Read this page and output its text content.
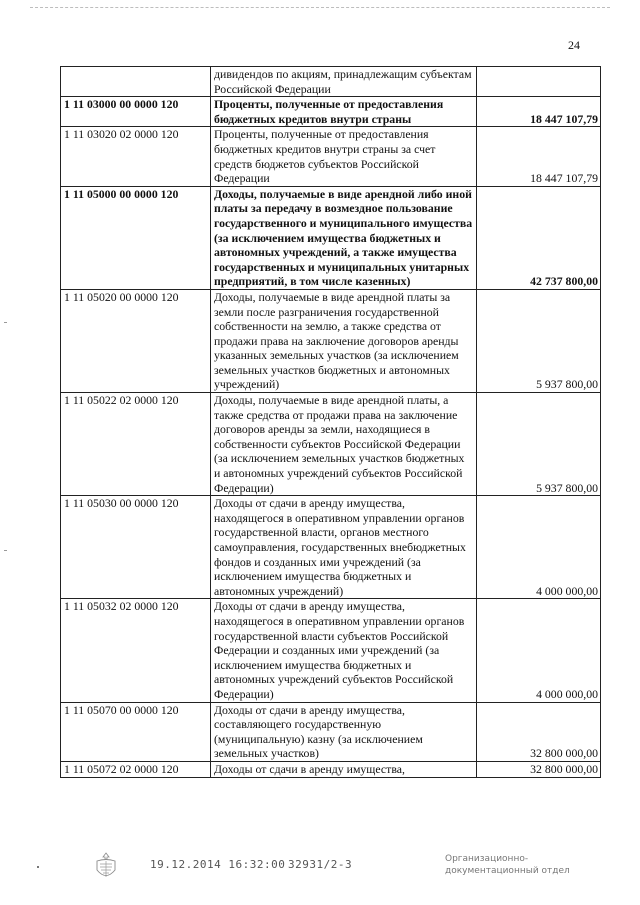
24
	дивидендов по акциям, принадлежащим субъектам Российской Федерации	
1 11 03000 00 0000 120	Проценты, полученные от предоставления бюджетных кредитов внутри страны	18 447 107,79
1 11 03020 02 0000 120	Проценты, полученные от предоставления бюджетных кредитов внутри страны за счет средств бюджетов субъектов Российской Федерации	18 447 107,79
1 11 05000 00 0000 120	Доходы, получаемые в виде арендной либо иной платы за передачу в возмездное пользование государственного и муниципального имущества (за исключением имущества бюджетных и автономных учреждений, а также имущества государственных и муниципальных унитарных предприятий, в том числе казенных)	42 737 800,00
1 11 05020 00 0000 120	Доходы, получаемые в виде арендной платы за земли после разграничения государственной собственности на землю, а также средства от продажи права на заключение договоров аренды указанных земельных участков (за исключением земельных участков бюджетных и автономных учреждений)	5 937 800,00
1 11 05022 02 0000 120	Доходы, получаемые в виде арендной платы, а также средства от продажи права на заключение договоров аренды за земли, находящиеся в собственности субъектов Российской Федерации (за исключением земельных участков бюджетных и автономных учреждений субъектов Российской Федерации)	5 937 800,00
1 11 05030 00 0000 120	Доходы от сдачи в аренду имущества, находящегося в оперативном управлении органов государственной власти, органов местного самоуправления, государственных внебюджетных фондов и созданных ими учреждений (за исключением имущества бюджетных и автономных учреждений)	4 000 000,00
1 11 05032 02 0000 120	Доходы от сдачи в аренду имущества, находящегося в оперативном управлении органов государственной власти субъектов Российской Федерации и созданных ими учреждений (за исключением имущества бюджетных и автономных учреждений субъектов Российской Федерации)	4 000 000,00
1 11 05070 00 0000 120	Доходы от сдачи в аренду имущества, составляющего государственную (муниципальную) казну (за исключением земельных участков)	32 800 000,00
1 11 05072 02 0000 120	Доходы от сдачи в аренду имущества,	32 800 000,00
19.12.2014 16:32:00 32931/2-3	Организационно-
документационный отдел
